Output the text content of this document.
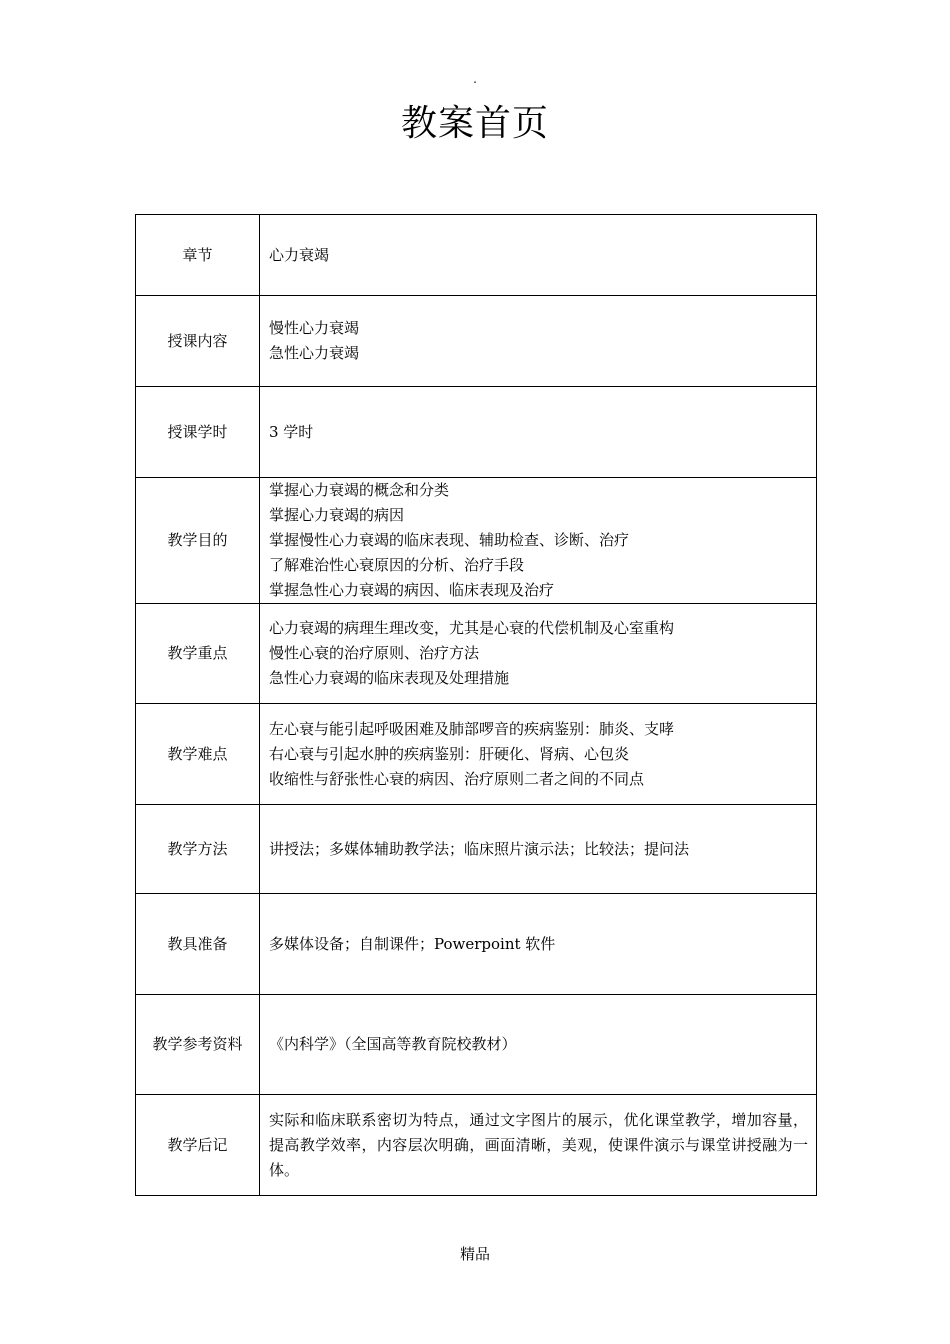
.
教案首页
章节	心力衰竭

授课内容	慢性心力衰竭
急性心力衰竭

授课学时	3 学时

教学目的	掌握心力衰竭的概念和分类
掌握心力衰竭的病因
掌握慢性心力衰竭的临床表现、辅助检查、诊断、治疗
了解难治性心衰原因的分析、治疗手段
掌握急性心力衰竭的病因、临床表现及治疗

教学重点	心力衰竭的病理生理改变，尤其是心衰的代偿机制及心室重构
慢性心衰的治疗原则、治疗方法
急性心力衰竭的临床表现及处理措施

教学难点	左心衰与能引起呼吸困难及肺部啰音的疾病鉴别：肺炎、支哮
右心衰与引起水肿的疾病鉴别：肝硬化、肾病、心包炎
收缩性与舒张性心衰的病因、治疗原则二者之间的不同点

教学方法	讲授法；多媒体辅助教学法；临床照片演示法；比较法；提问法

教具准备	多媒体设备；自制课件；Powerpoint 软件

教学参考资料	《内科学》（全国高等教育院校教材）

教学后记	实际和临床联系密切为特点，通过文字图片的展示，优化课堂教学，增加容量，提高教学效率，内容层次明确，画面清晰，美观，使课件演示与课堂讲授融为一体。
精品
